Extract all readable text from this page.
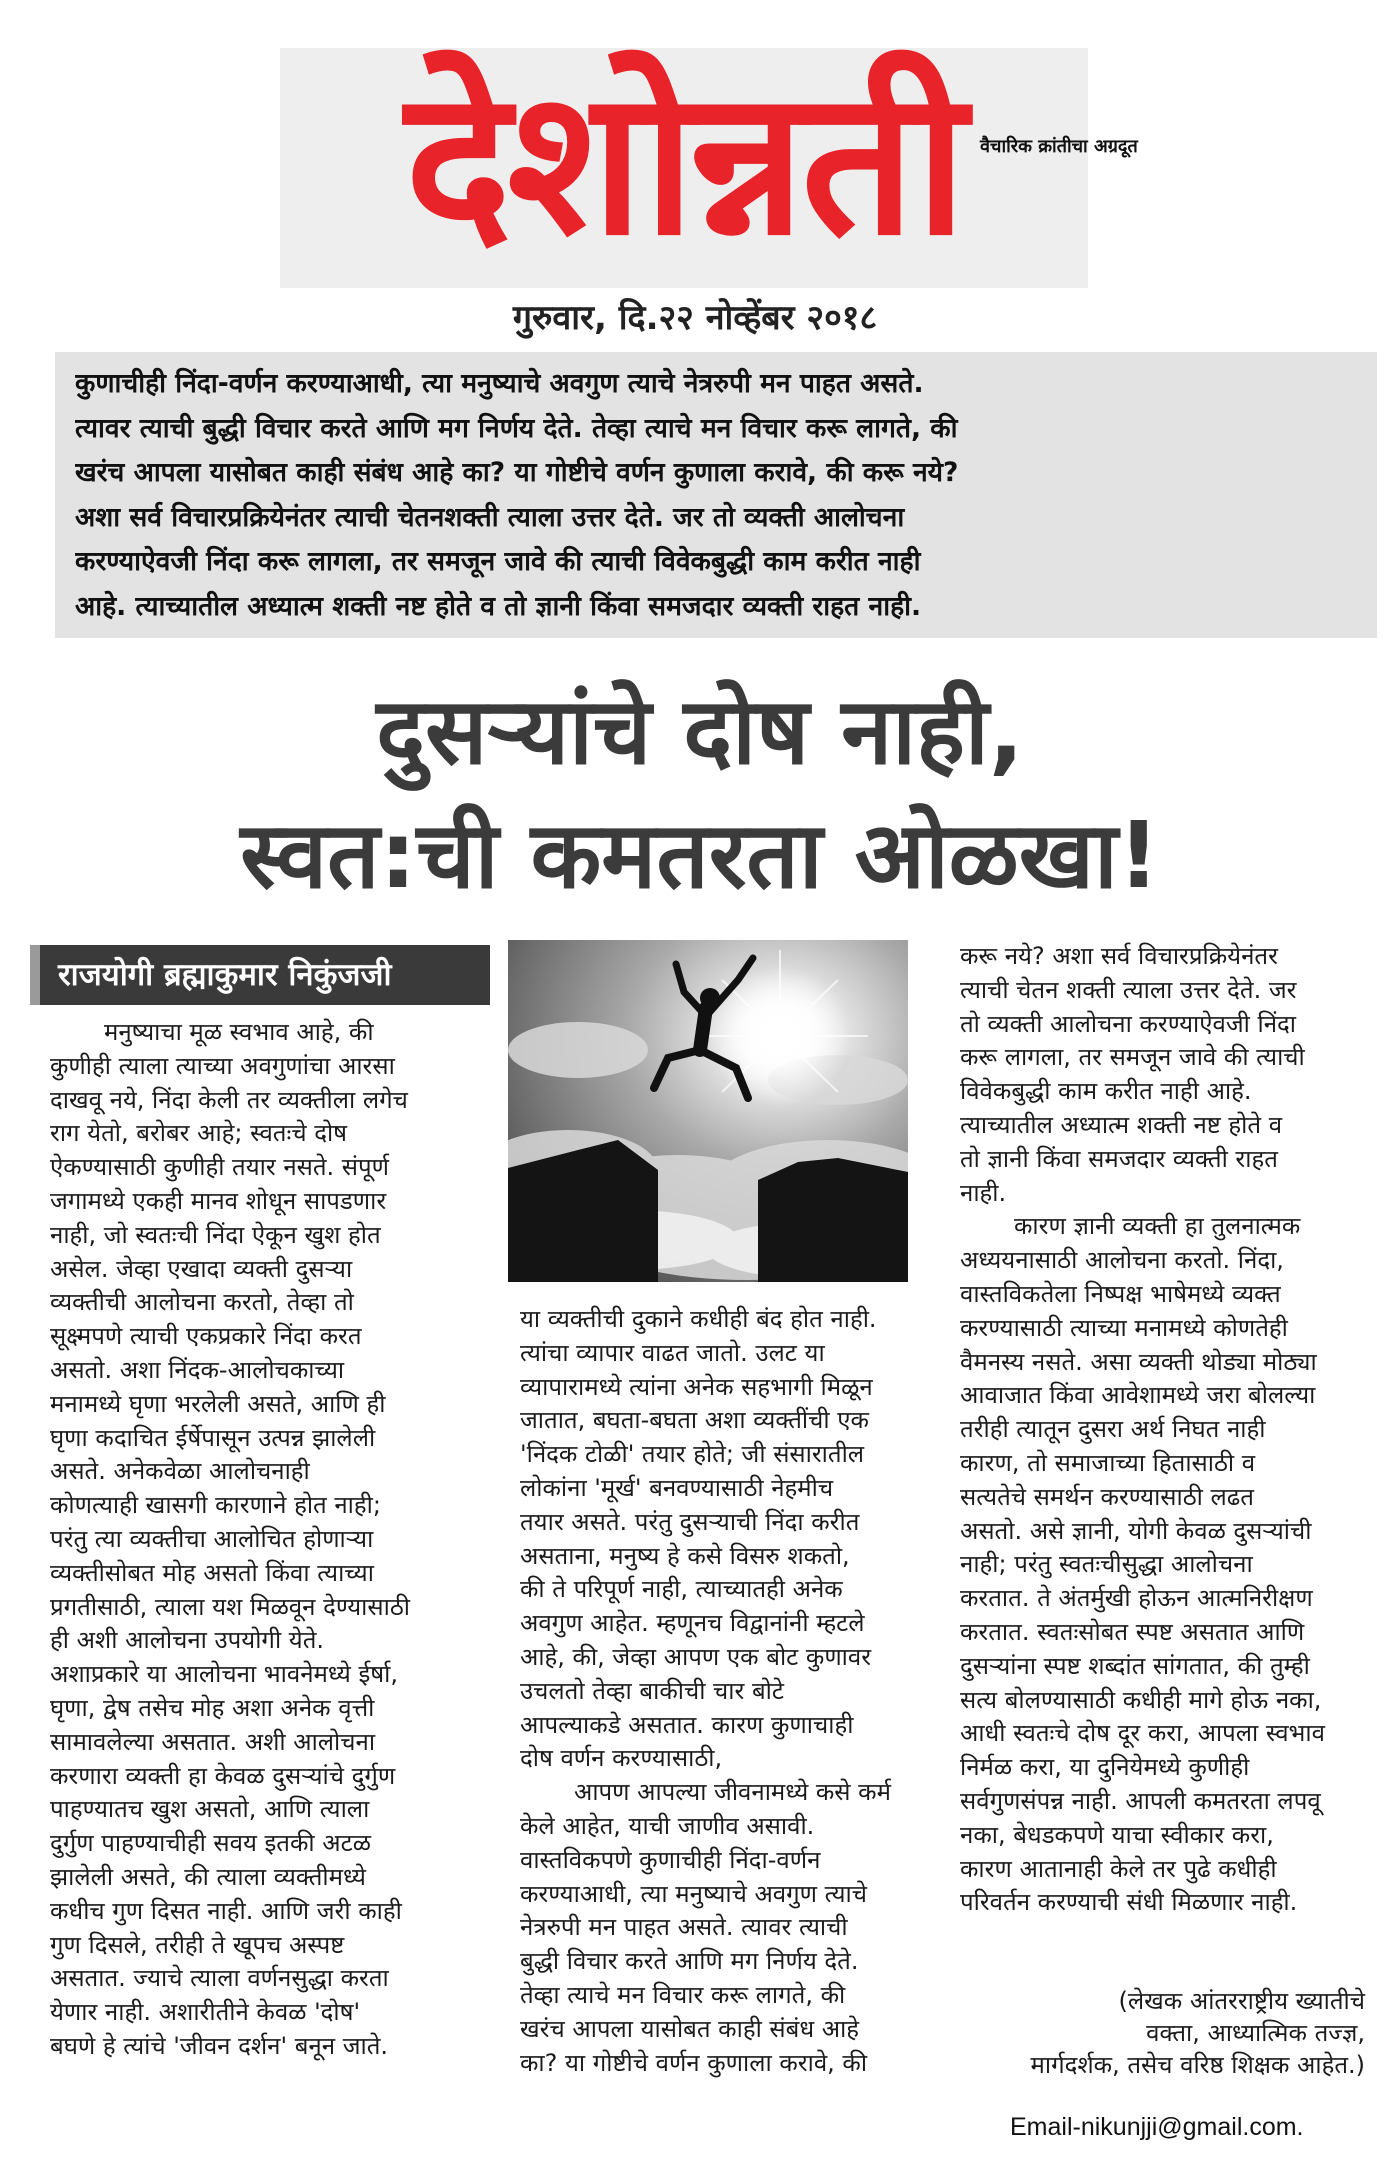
देशोन्नती वैचारिक क्रांतीचा अग्रदूत
गुरुवार, दि.२२ नोव्हेंबर २०१८
कुणाचीही निंदा-वर्णन करण्याआधी, त्या मनुष्याचे अवगुण त्याचे नेत्ररुपी मन पाहत असते.
त्यावर त्याची बुद्धी विचार करते आणि मग निर्णय देते. तेव्हा त्याचे मन विचार करू लागते, की
खरंच आपला यासोबत काही संबंध आहे का? या गोष्टीचे वर्णन कुणाला करावे, की करू नये?
अशा सर्व विचारप्रक्रियेनंतर त्याची चेतनशक्ती त्याला उत्तर देते. जर तो व्यक्ती आलोचना
करण्याऐवजी निंदा करू लागला, तर समजून जावे की त्याची विवेकबुद्धी काम करीत नाही
आहे. त्याच्यातील अध्यात्म शक्ती नष्ट होते व तो ज्ञानी किंवा समजदार व्यक्ती राहत नाही.
दुसऱ्यांचे दोष नाही,
स्वत:ची कमतरता ओळखा!
राजयोगी ब्रह्माकुमार निकुंजजी
मनुष्याचा मूळ स्वभाव आहे, की
कुणीही त्याला त्याच्या अवगुणांचा आरसा
दाखवू नये, निंदा केली तर व्यक्तीला लगेच
राग येतो, बरोबर आहे; स्वतःचे दोष
ऐकण्यासाठी कुणीही तयार नसते. संपूर्ण
जगामध्ये एकही मानव शोधून सापडणार
नाही, जो स्वतःची निंदा ऐकून खुश होत
असेल. जेव्हा एखादा व्यक्ती दुसऱ्या
व्यक्तीची आलोचना करतो, तेव्हा तो
सूक्ष्मपणे त्याची एकप्रकारे निंदा करत
असतो. अशा निंदक-आलोचकाच्या
मनामध्ये घृणा भरलेली असते, आणि ही
घृणा कदाचित ईर्षेपासून उत्पन्न झालेली
असते. अनेकवेळा आलोचनाही
कोणत्याही खासगी कारणाने होत नाही;
परंतु त्या व्यक्तीचा आलोचित होणाऱ्या
व्यक्तीसोबत मोह असतो किंवा त्याच्या
प्रगतीसाठी, त्याला यश मिळवून देण्यासाठी
ही अशी आलोचना उपयोगी येते.
अशाप्रकारे या आलोचना भावनेमध्ये ईर्षा,
घृणा, द्वेष तसेच मोह अशा अनेक वृत्ती
सामावलेल्या असतात. अशी आलोचना
करणारा व्यक्ती हा केवळ दुसऱ्यांचे दुर्गुण
पाहण्यातच खुश असतो, आणि त्याला
दुर्गुण पाहण्याचीही सवय इतकी अटळ
झालेली असते, की त्याला व्यक्तीमध्ये
कधीच गुण दिसत नाही. आणि जरी काही
गुण दिसले, तरीही ते खूपच अस्पष्ट
असतात. ज्याचे त्याला वर्णनसुद्धा करता
येणार नाही. अशारीतीने केवळ 'दोष'
बघणे हे त्यांचे 'जीवन दर्शन' बनून जाते.
या व्यक्तीची दुकाने कधीही बंद होत नाही.
त्यांचा व्यापार वाढत जातो. उलट या
व्यापारामध्ये त्यांना अनेक सहभागी मिळून
जातात, बघता-बघता अशा व्यक्तींची एक
'निंदक टोळी' तयार होते; जी संसारातील
लोकांना 'मूर्ख' बनवण्यासाठी नेहमीच
तयार असते. परंतु दुसऱ्याची निंदा करीत
असताना, मनुष्य हे कसे विसरु शकतो,
की ते परिपूर्ण नाही, त्याच्यातही अनेक
अवगुण आहेत. म्हणूनच विद्वानांनी म्हटले
आहे, की, जेव्हा आपण एक बोट कुणावर
उचलतो तेव्हा बाकीची चार बोटे
आपल्याकडे असतात. कारण कुणाचाही
दोष वर्णन करण्यासाठी,
आपण आपल्या जीवनामध्ये कसे कर्म
केले आहेत, याची जाणीव असावी.
वास्तविकपणे कुणाचीही निंदा-वर्णन
करण्याआधी, त्या मनुष्याचे अवगुण त्याचे
नेत्ररुपी मन पाहत असते. त्यावर त्याची
बुद्धी विचार करते आणि मग निर्णय देते.
तेव्हा त्याचे मन विचार करू लागते, की
खरंच आपला यासोबत काही संबंध आहे
का? या गोष्टीचे वर्णन कुणाला करावे, की
करू नये? अशा सर्व विचारप्रक्रियेनंतर
त्याची चेतन शक्ती त्याला उत्तर देते. जर
तो व्यक्ती आलोचना करण्याऐवजी निंदा
करू लागला, तर समजून जावे की त्याची
विवेकबुद्धी काम करीत नाही आहे.
त्याच्यातील अध्यात्म शक्ती नष्ट होते व
तो ज्ञानी किंवा समजदार व्यक्ती राहत
नाही.
कारण ज्ञानी व्यक्ती हा तुलनात्मक
अध्ययनासाठी आलोचना करतो. निंदा,
वास्तविकतेला निष्पक्ष भाषेमध्ये व्यक्त
करण्यासाठी त्याच्या मनामध्ये कोणतेही
वैमनस्य नसते. असा व्यक्ती थोड्या मोठ्या
आवाजात किंवा आवेशामध्ये जरा बोलल्या
तरीही त्यातून दुसरा अर्थ निघत नाही
कारण, तो समाजाच्या हितासाठी व
सत्यतेचे समर्थन करण्यासाठी लढत
असतो. असे ज्ञानी, योगी केवळ दुसऱ्यांची
नाही; परंतु स्वतःचीसुद्धा आलोचना
करतात. ते अंतर्मुखी होऊन आत्मनिरीक्षण
करतात. स्वतःसोबत स्पष्ट असतात आणि
दुसऱ्यांना स्पष्ट शब्दांत सांगतात, की तुम्ही
सत्य बोलण्यासाठी कधीही मागे होऊ नका,
आधी स्वतःचे दोष दूर करा, आपला स्वभाव
निर्मळ करा, या दुनियेमध्ये कुणीही
सर्वगुणसंपन्न नाही. आपली कमतरता लपवू
नका, बेधडकपणे याचा स्वीकार करा,
कारण आतानाही केले तर पुढे कधीही
परिवर्तन करण्याची संधी मिळणार नाही.
(लेखक आंतरराष्ट्रीय ख्यातीचे
वक्ता, आध्यात्मिक तज्ज्ञ,
मार्गदर्शक, तसेच वरिष्ठ शिक्षक आहेत.)
Email-nikunjji@gmail.com.
